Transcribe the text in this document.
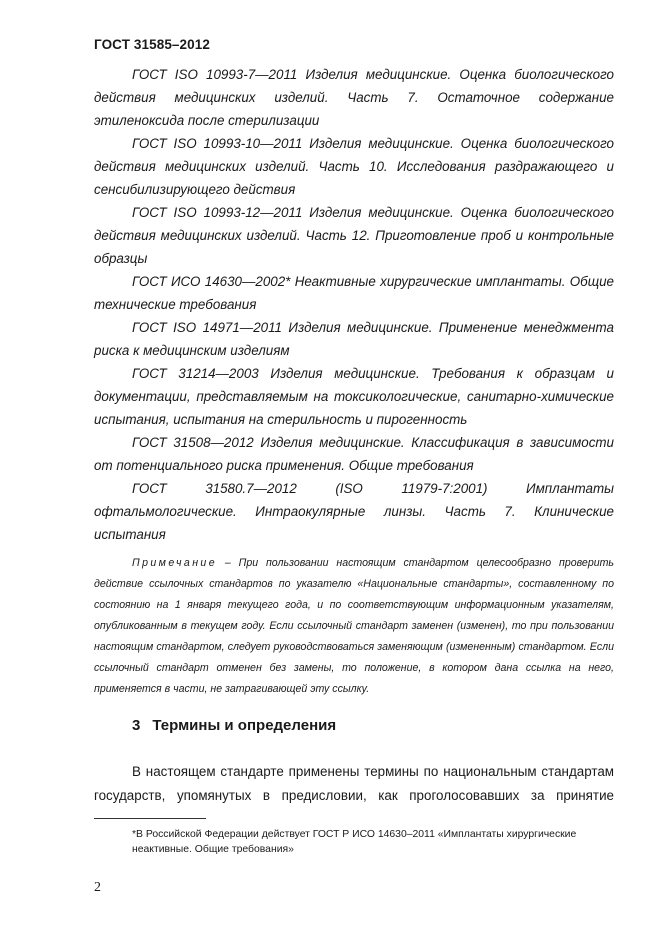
ГОСТ 31585–2012

ГОСТ ISO 10993-7—2011 Изделия медицинские. Оценка биологического действия медицинских изделий. Часть 7. Остаточное содержание этиленоксида после стерилизации

ГОСТ ISO 10993-10—2011 Изделия медицинские. Оценка биологического действия медицинских изделий. Часть 10. Исследования раздражающего и сенсибилизирующего действия

ГОСТ ISO 10993-12—2011 Изделия медицинские. Оценка биологического действия медицинских изделий. Часть 12. Приготовление проб и контрольные образцы

ГОСТ ИСО 14630—2002* Неактивные хирургические имплантаты. Общие технические требования

ГОСТ ISO 14971—2011 Изделия медицинские. Применение менеджмента риска к медицинским изделиям

ГОСТ 31214—2003 Изделия медицинские. Требования к образцам и документации, представляемым на токсикологические, санитарно-химические испытания, испытания на стерильность и пирогенность

ГОСТ 31508—2012 Изделия медицинские. Классификация в зависимости от потенциального риска применения. Общие требования

ГОСТ 31580.7—2012 (ISO 11979-7:2001) Имплантаты офтальмологические. Интраокулярные линзы. Часть 7. Клинические испытания

Примечание – При пользовании настоящим стандартом целесообразно проверить действие ссылочных стандартов по указателю «Национальные стандарты», составленному по состоянию на 1 января текущего года, и по соответствующим информационным указателям, опубликованным в текущем году. Если ссылочный стандарт заменен (изменен), то при пользовании настоящим стандартом, следует руководствоваться заменяющим (измененным) стандартом. Если ссылочный стандарт отменен без замены, то положение, в котором дана ссылка на него, применяется в части, не затрагивающей эту ссылку.

3 Термины и определения
В настоящем стандарте применены термины по национальным стандартам
государств, упомянутых в предисловии, как проголосовавших за принятие
*В Российской Федерации действует ГОСТ Р ИСО 14630–2011 «Имплантаты хирургические неактивные. Общие требования»
2
